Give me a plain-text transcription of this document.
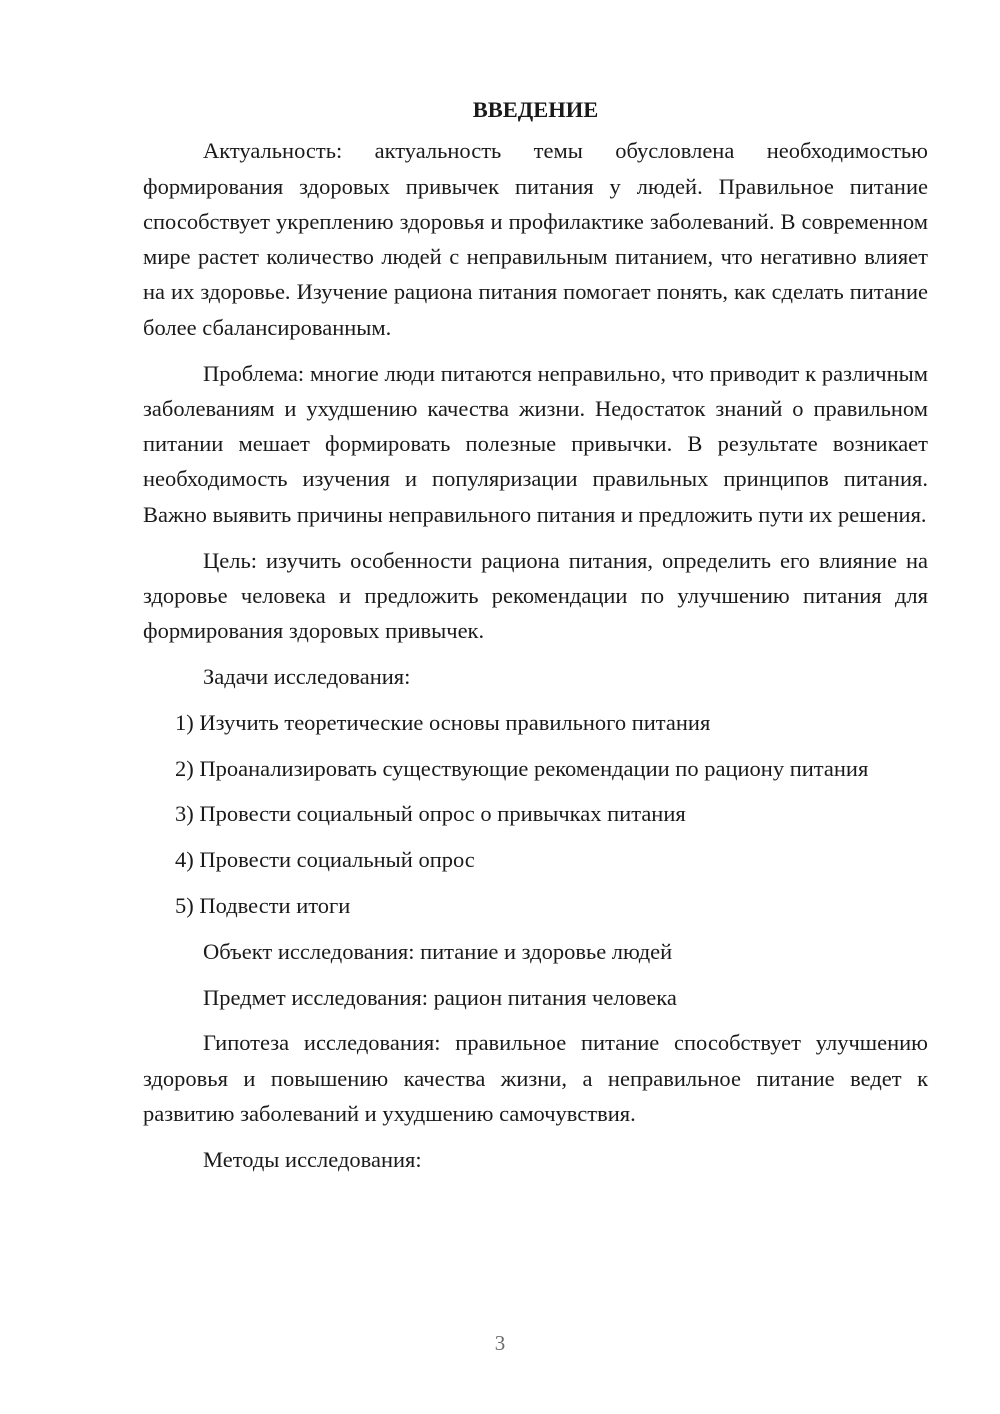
ВВЕДЕНИЕ

Актуальность: актуальность темы обусловлена необходимостью формирования здоровых привычек питания у людей. Правильное питание способствует укреплению здоровья и профилактике заболеваний. В современном мире растет количество людей с неправильным питанием, что негативно влияет на их здоровье. Изучение рациона питания помогает понять, как сделать питание более сбалансированным.

Проблема: многие люди питаются неправильно, что приводит к различным заболеваниям и ухудшению качества жизни. Недостаток знаний о правильном питании мешает формировать полезные привычки. В результате возникает необходимость изучения и популяризации правильных принципов питания. Важно выявить причины неправильного питания и предложить пути их решения.

Цель: изучить особенности рациона питания, определить его влияние на здоровье человека и предложить рекомендации по улучшению питания для формирования здоровых привычек.

Задачи исследования:

1) Изучить теоретические основы правильного питания

2) Проанализировать существующие рекомендации по рациону питания

3) Провести социальный опрос о привычках питания

4) Провести социальный опрос

5) Подвести итоги

Объект исследования: питание и здоровье людей

Предмет исследования: рацион питания человека

Гипотеза исследования: правильное питание способствует улучшению здоровья и повышению качества жизни, а неправильное питание ведет к развитию заболеваний и ухудшению самочувствия.

Методы исследования:

3
